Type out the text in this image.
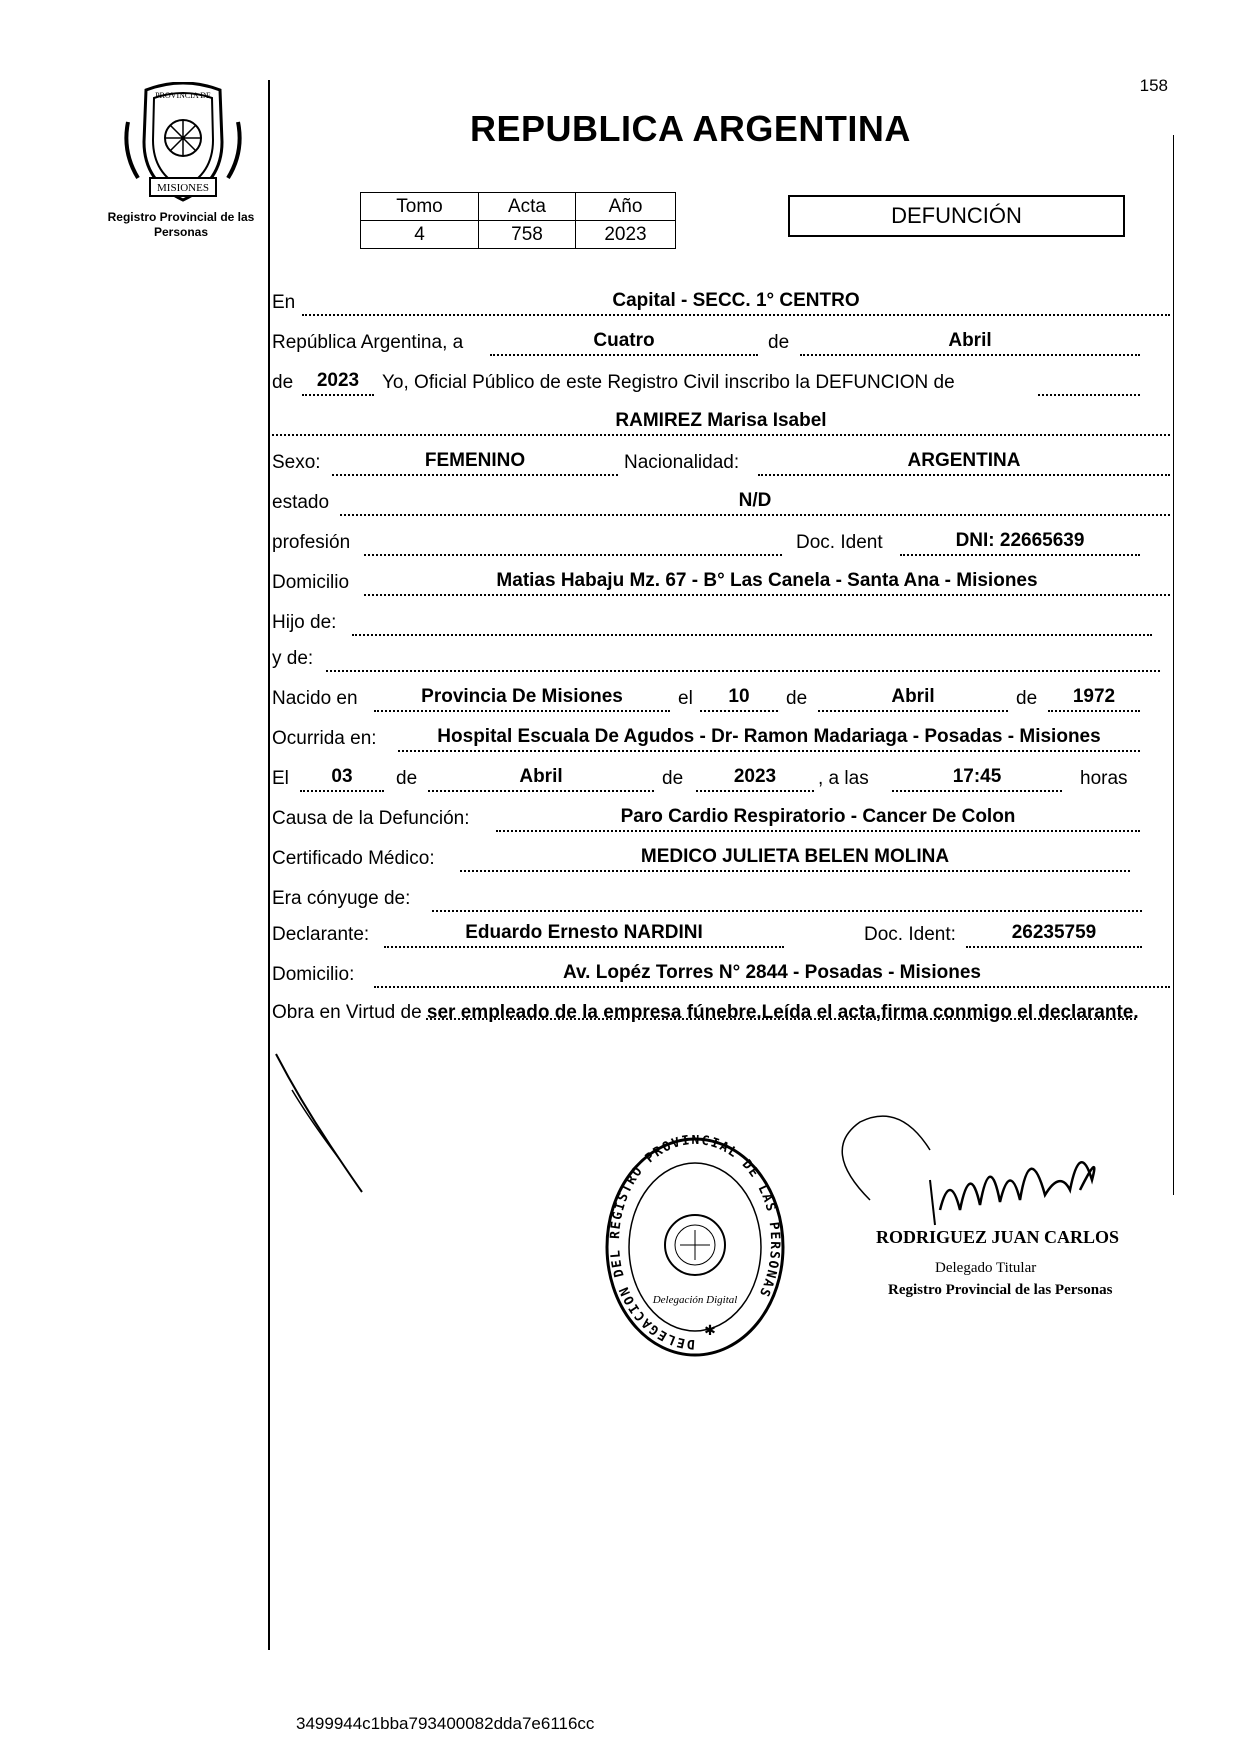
158
MISIONES
PROVINCIA DE
Registro Provincial de las Personas
REPUBLICA ARGENTINA
Tomo	Acta	Año
4	758	2023
DEFUNCIÓN
En	Capital - SECC. 1° CENTRO
República Argentina, a	Cuatro	de	Abril
de	2023	Yo, Oficial Público de este Registro Civil inscribo la DEFUNCION de
RAMIREZ Marisa Isabel
Sexo:	FEMENINO	Nacionalidad:	ARGENTINA
estado	N/D
profesión	Doc. Ident	DNI: 22665639
Domicilio	Matias Habaju Mz. 67 - B° Las Canela - Santa Ana - Misiones
Hijo de:
y de:
Nacido en	Provincia De Misiones	el	10	de	Abril	de	1972
Ocurrida en:	Hospital Escuala De Agudos - Dr- Ramon Madariaga - Posadas - Misiones
El	03	de	Abril	de	2023	, a las	17:45	horas
Causa de la Defunción:	Paro Cardio Respiratorio - Cancer De Colon
Certificado Médico:	MEDICO JULIETA BELEN MOLINA
Era cónyuge de:
Declarante:	Eduardo Ernesto NARDINI	Doc. Ident:	26235759
Domicilio:	Av. Lopéz Torres N° 2844 - Posadas - Misiones
Obra en Virtud de ser empleado de la empresa fúnebre.Leída el acta,firma conmigo el declarante.
DELEGACION DEL REGISTRO PROVINCIAL DE LAS PERSONAS
Delegación Digital
✱
RODRIGUEZ JUAN CARLOS
Delegado Titular
Registro Provincial de las Personas
3499944c1bba793400082dda7e6116cc
